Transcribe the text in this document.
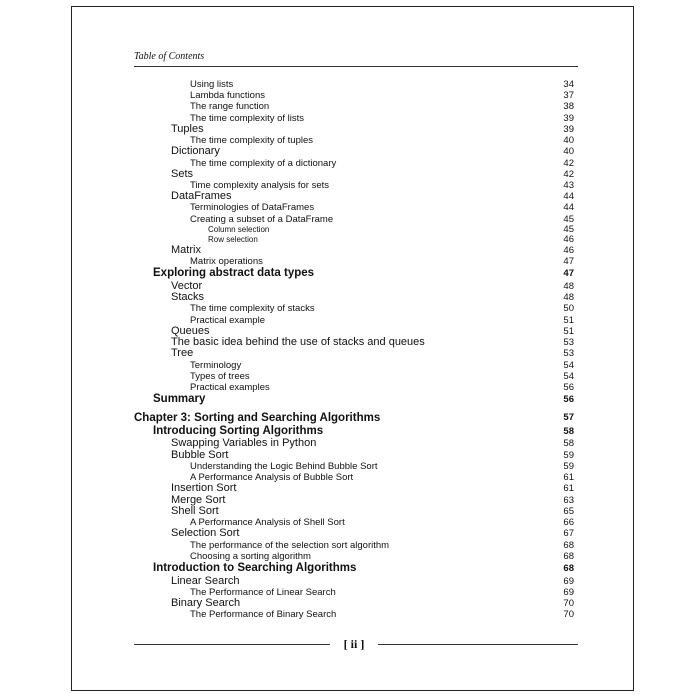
Table of Contents
Using lists	34
Lambda functions	37
The range function	38
The time complexity of lists	39
Tuples	39
The time complexity of tuples	40
Dictionary	40
The time complexity of a dictionary	42
Sets	42
Time complexity analysis for sets	43
DataFrames	44
Terminologies of DataFrames	44
Creating a subset of a DataFrame	45
Column selection	45
Row selection	46
Matrix	46
Matrix operations	47
Exploring abstract data types	47
Vector	48
Stacks	48
The time complexity of stacks	50
Practical example	51
Queues	51
The basic idea behind the use of stacks and queues	53
Tree	53
Terminology	54
Types of trees	54
Practical examples	56
Summary	56
Chapter 3: Sorting and Searching Algorithms	57
Introducing Sorting Algorithms	58
Swapping Variables in Python	58
Bubble Sort	59
Understanding the Logic Behind Bubble Sort	59
A Performance Analysis of Bubble Sort	61
Insertion Sort	61
Merge Sort	63
Shell Sort	65
A Performance Analysis of Shell Sort	66
Selection Sort	67
The performance of the selection sort algorithm	68
Choosing a sorting algorithm	68
Introduction to Searching Algorithms	68
Linear Search	69
The Performance of Linear Search	69
Binary Search	70
The Performance of Binary Search	70
[ ii ]
